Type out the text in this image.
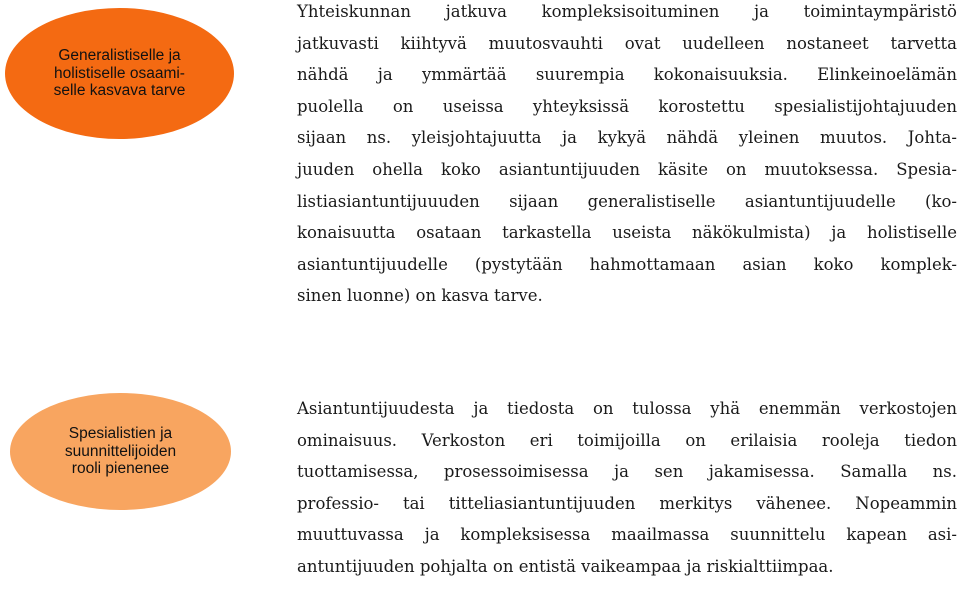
Generalistiselle ja
holistiselle osaami-
selle kasvava tarve
Spesialistien ja
suunnittelijoiden
rooli pienenee
Yhteiskunnan jatkuva kompleksisoituminen ja toimintaympäristö
jatkuvasti kiihtyvä muutosvauhti ovat uudelleen nostaneet tarvetta
nähdä ja ymmärtää suurempia kokonaisuuksia. Elinkeinoelämän
puolella on useissa yhteyksissä korostettu spesialistijohtajuuden
sijaan ns. yleisjohtajuutta ja kykyä nähdä yleinen muutos. Johta-
juuden ohella koko asiantuntijuuden käsite on muutoksessa. Spesia-
listiasiantuntijuuuden sijaan generalistiselle asiantuntijuudelle (ko-
konaisuutta osataan tarkastella useista näkökulmista) ja holistiselle
asiantuntijuudelle (pystytään hahmottamaan asian koko komplek-
sinen luonne) on kasva tarve.
Asiantuntijuudesta ja tiedosta on tulossa yhä enemmän verkostojen
ominaisuus. Verkoston eri toimijoilla on erilaisia rooleja tiedon
tuottamisessa, prosessoimisessa ja sen jakamisessa. Samalla ns.
professio- tai titteliasiantuntijuuden merkitys vähenee. Nopeammin
muuttuvassa ja kompleksisessa maailmassa suunnittelu kapean asi-
antuntijuuden pohjalta on entistä vaikeampaa ja riskialttiimpaa.
